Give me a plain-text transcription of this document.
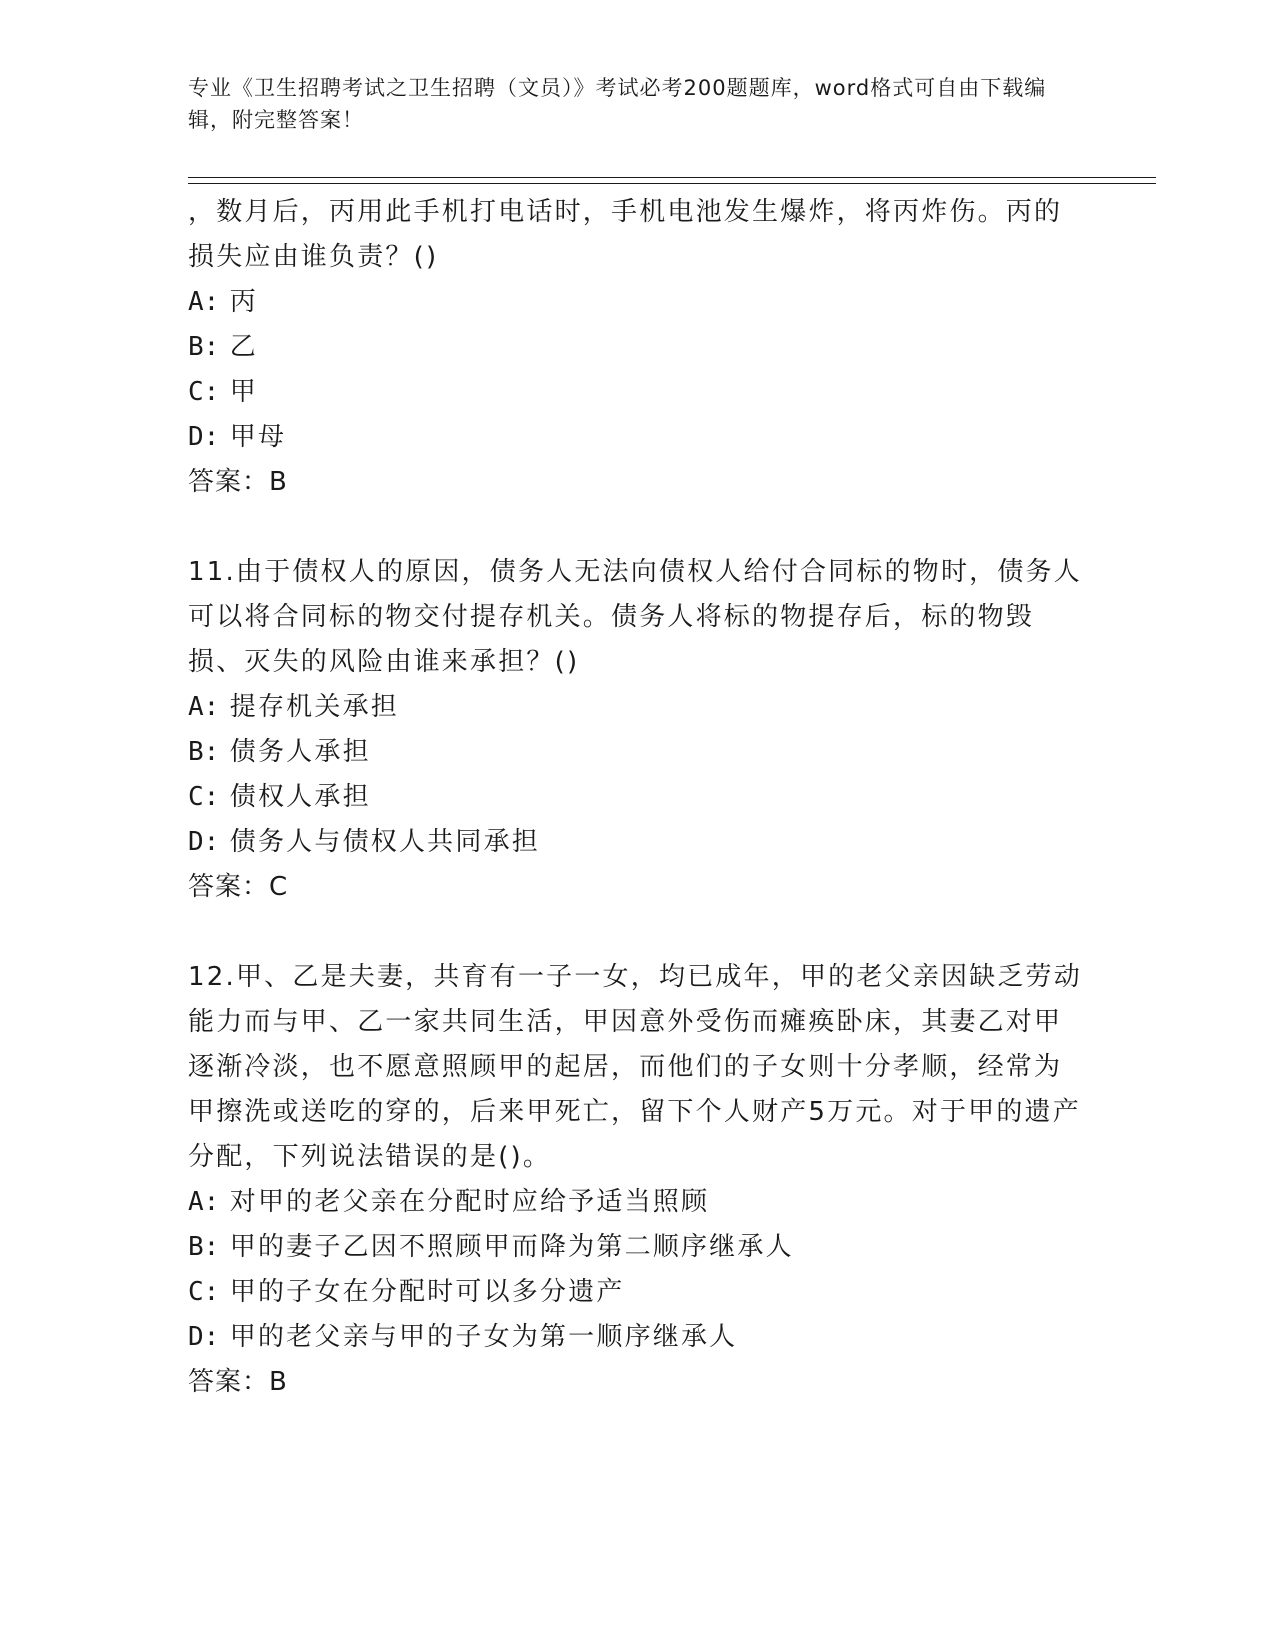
专业《卫生招聘考试之卫生招聘（文员）》考试必考200题题库，word格式可自由下载编辑，附完整答案！

，数月后，丙用此手机打电话时，手机电池发生爆炸，将丙炸伤。丙的损失应由谁负责？()

A: 丙
B: 乙
C: 甲
D: 甲母
答案：B

11.由于债权人的原因，债务人无法向债权人给付合同标的物时，债务人可以将合同标的物交付提存机关。债务人将标的物提存后，标的物毁损、灭失的风险由谁来承担？()

A: 提存机关承担
B: 债务人承担
C: 债权人承担
D: 债务人与债权人共同承担
答案：C

12.甲、乙是夫妻，共育有一子一女，均已成年，甲的老父亲因缺乏劳动能力而与甲、乙一家共同生活，甲因意外受伤而瘫痪卧床，其妻乙对甲逐渐冷淡，也不愿意照顾甲的起居，而他们的子女则十分孝顺，经常为甲擦洗或送吃的穿的，后来甲死亡，留下个人财产5万元。对于甲的遗产分配，下列说法错误的是()。

A: 对甲的老父亲在分配时应给予适当照顾
B: 甲的妻子乙因不照顾甲而降为第二顺序继承人
C: 甲的子女在分配时可以多分遗产
D: 甲的老父亲与甲的子女为第一顺序继承人
答案：B
